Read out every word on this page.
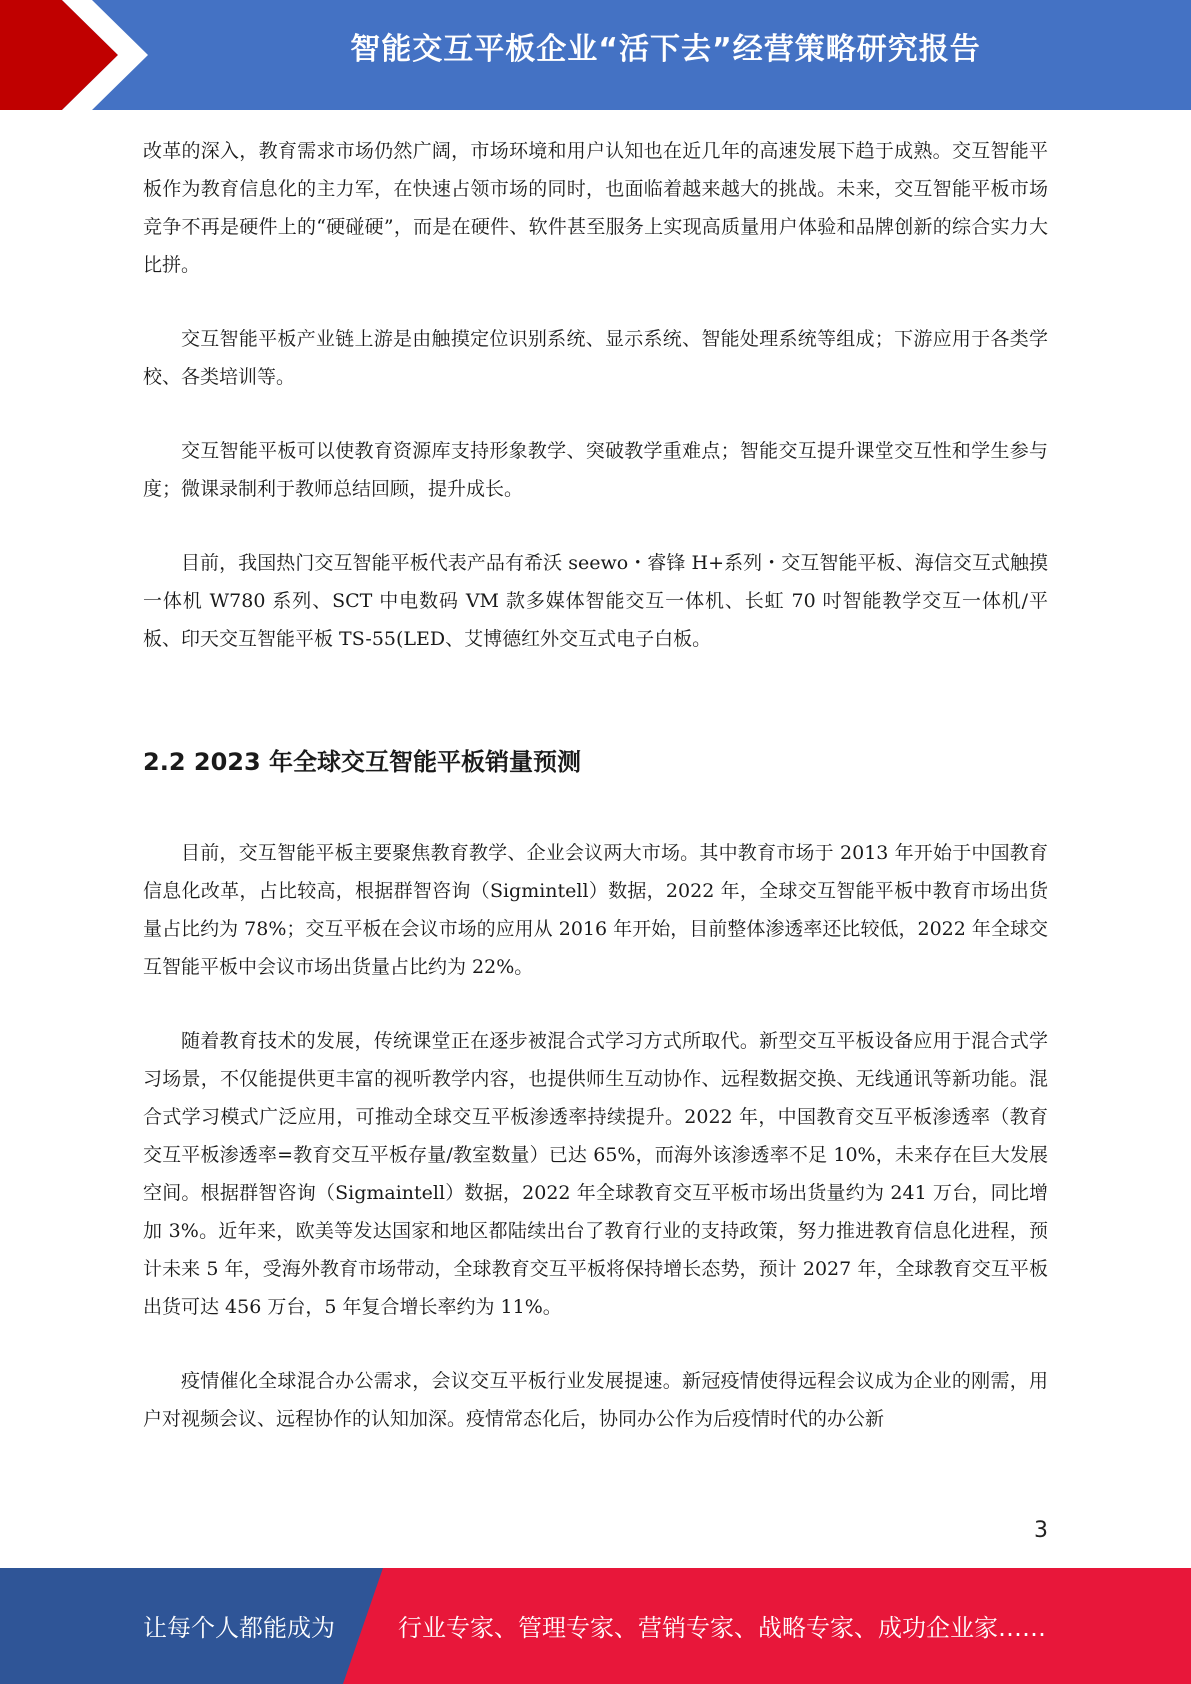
智能交互平板企业“活下去”经营策略研究报告

改革的深入，教育需求市场仍然广阔，市场环境和用户认知也在近几年的高速发展下趋于成熟。交互智能平板作为教育信息化的主力军，在快速占领市场的同时，也面临着越来越大的挑战。未来，交互智能平板市场竞争不再是硬件上的“硬碰硬”，而是在硬件、软件甚至服务上实现高质量用户体验和品牌创新的综合实力大比拼。

交互智能平板产业链上游是由触摸定位识别系统、显示系统、智能处理系统等组成；下游应用于各类学校、各类培训等。

交互智能平板可以使教育资源库支持形象教学、突破教学重难点；智能交互提升课堂交互性和学生参与度；微课录制利于教师总结回顾，提升成长。

目前，我国热门交互智能平板代表产品有希沃 seewo・睿锋 H+系列・交互智能平板、海信交互式触摸一体机 W780 系列、SCT 中电数码 VM 款多媒体智能交互一体机、长虹 70 吋智能教学交互一体机/平板、印天交互智能平板 TS-55(LED、艾博德红外交互式电子白板。

2.2 2023 年全球交互智能平板销量预测

目前，交互智能平板主要聚焦教育教学、企业会议两大市场。其中教育市场于 2013 年开始于中国教育信息化改革，占比较高，根据群智咨询（Sigmintell）数据，2022 年，全球交互智能平板中教育市场出货量占比约为 78%；交互平板在会议市场的应用从 2016 年开始，目前整体渗透率还比较低，2022 年全球交互智能平板中会议市场出货量占比约为 22%。

随着教育技术的发展，传统课堂正在逐步被混合式学习方式所取代。新型交互平板设备应用于混合式学习场景，不仅能提供更丰富的视听教学内容，也提供师生互动协作、远程数据交换、无线通讯等新功能。混合式学习模式广泛应用，可推动全球交互平板渗透率持续提升。2022 年，中国教育交互平板渗透率（教育交互平板渗透率=教育交互平板存量/教室数量）已达 65%，而海外该渗透率不足 10%，未来存在巨大发展空间。根据群智咨询（Sigmaintell）数据，2022 年全球教育交互平板市场出货量约为 241 万台，同比增加 3%。近年来，欧美等发达国家和地区都陆续出台了教育行业的支持政策，努力推进教育信息化进程，预计未来 5 年，受海外教育市场带动，全球教育交互平板将保持增长态势，预计 2027 年，全球教育交互平板出货可达 456 万台，5 年复合增长率约为 11%。

疫情催化全球混合办公需求，会议交互平板行业发展提速。新冠疫情使得远程会议成为企业的刚需，用户对视频会议、远程协作的认知加深。疫情常态化后，协同办公作为后疫情时代的办公新

3
让每个人都能成为	行业专家、管理专家、营销专家、战略专家、成功企业家……
